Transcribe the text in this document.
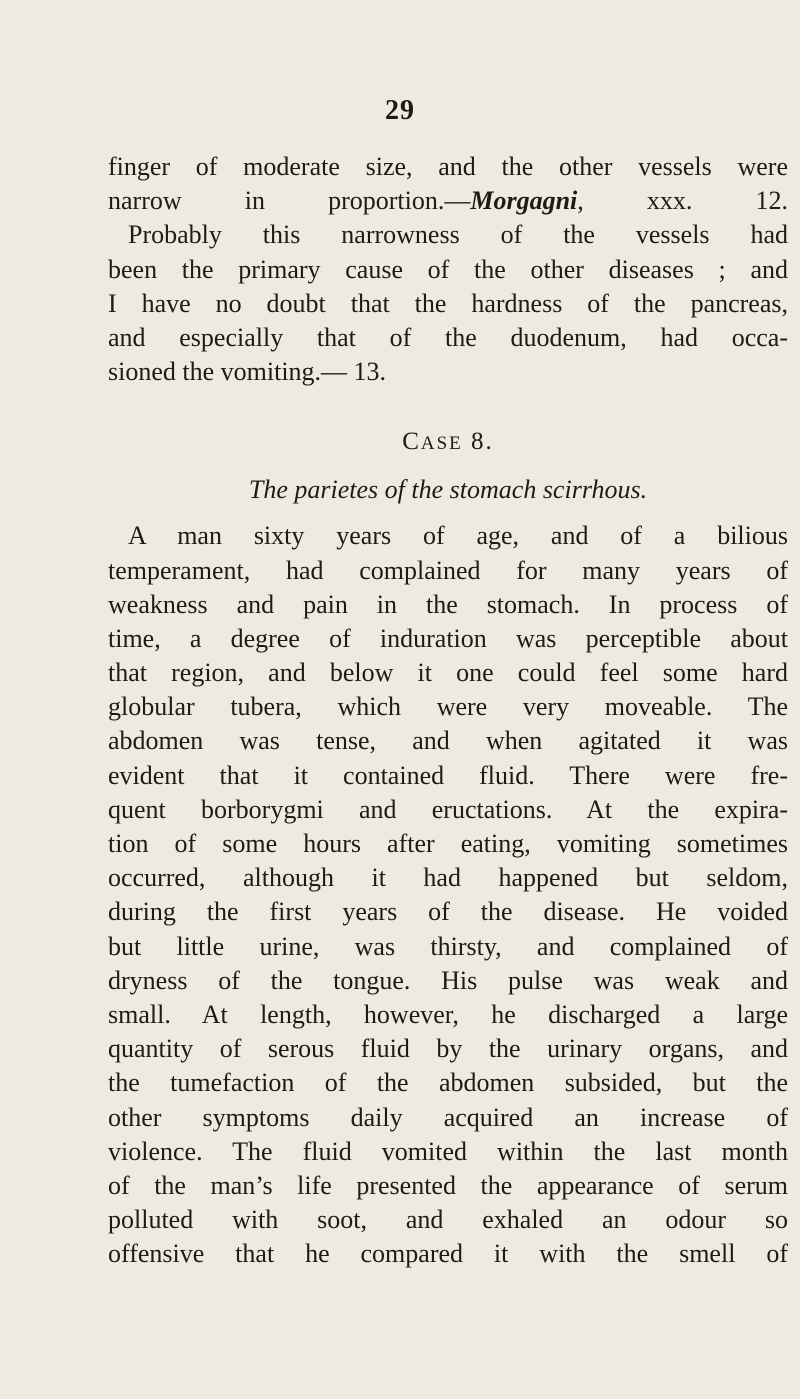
29
finger of moderate size, and the other vessels were
narrow in proportion.—Morgagni, xxx. 12.
Probably this narrowness of the vessels had
been the primary cause of the other diseases ; and
I have no doubt that the hardness of the pancreas,
and especially that of the duodenum, had occa-
sioned the vomiting.— 13.
CASE 8.
The parietes of the stomach scirrhous.
A man sixty years of age, and of a bilious
temperament, had complained for many years of
weakness and pain in the stomach. In process of
time, a degree of induration was perceptible about
that region, and below it one could feel some hard
globular tubera, which were very moveable. The
abdomen was tense, and when agitated it was
evident that it contained fluid. There were fre-
quent borborygmi and eructations. At the expira-
tion of some hours after eating, vomiting sometimes
occurred, although it had happened but seldom,
during the first years of the disease. He voided
but little urine, was thirsty, and complained of
dryness of the tongue. His pulse was weak and
small. At length, however, he discharged a large
quantity of serous fluid by the urinary organs, and
the tumefaction of the abdomen subsided, but the
other symptoms daily acquired an increase of
violence. The fluid vomited within the last month
of the man’s life presented the appearance of serum
polluted with soot, and exhaled an odour so
offensive that he compared it with the smell of
